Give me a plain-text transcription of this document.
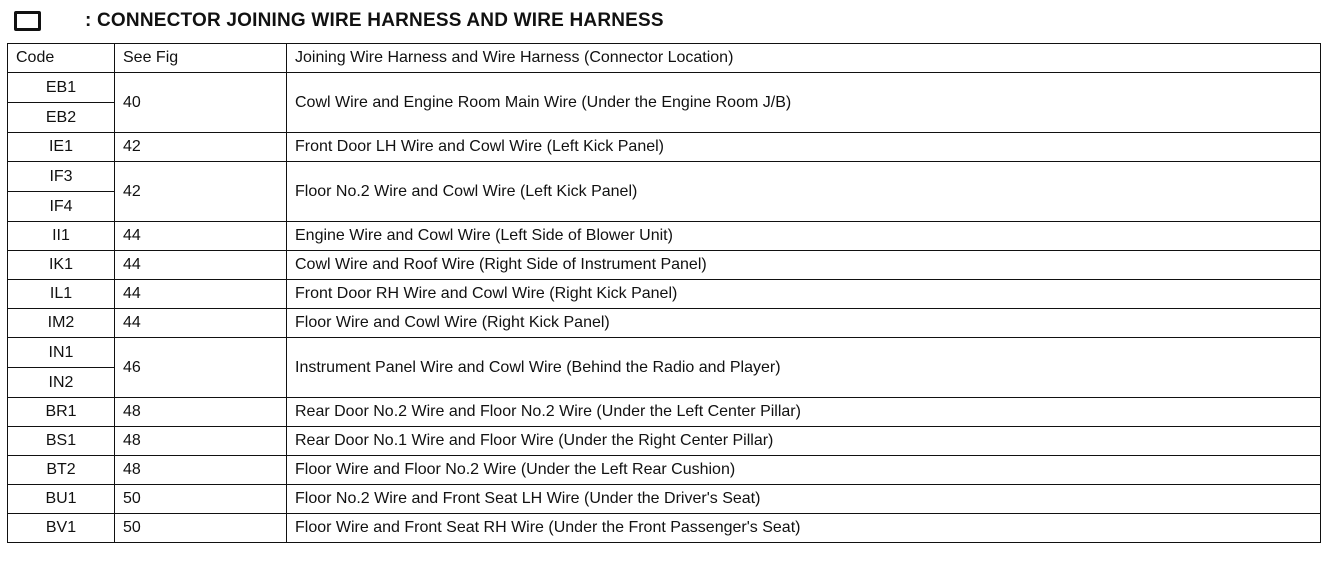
: CONNECTOR JOINING WIRE HARNESS AND WIRE HARNESS
Code	See Fig	Joining Wire Harness and Wire Harness (Connector Location)
EB1	40	Cowl Wire and Engine Room Main Wire (Under the Engine Room J/B)
EB2		
IE1	42	Front Door LH Wire and Cowl Wire (Left Kick Panel)
IF3	42	Floor No.2 Wire and Cowl Wire (Left Kick Panel)
IF4		
II1	44	Engine Wire and Cowl Wire (Left Side of Blower Unit)
IK1	44	Cowl Wire and Roof Wire (Right Side of Instrument Panel)
IL1	44	Front Door RH Wire and Cowl Wire (Right Kick Panel)
IM2	44	Floor Wire and Cowl Wire (Right Kick Panel)
IN1	46	Instrument Panel Wire and Cowl Wire (Behind the Radio and Player)
IN2		
BR1	48	Rear Door No.2 Wire and Floor No.2 Wire (Under the Left Center Pillar)
BS1	48	Rear Door No.1 Wire and Floor Wire (Under the Right Center Pillar)
BT2	48	Floor Wire and Floor No.2 Wire (Under the Left Rear Cushion)
BU1	50	Floor No.2 Wire and Front Seat LH Wire (Under the Driver's Seat)
BV1	50	Floor Wire and Front Seat RH Wire (Under the Front Passenger's Seat)
